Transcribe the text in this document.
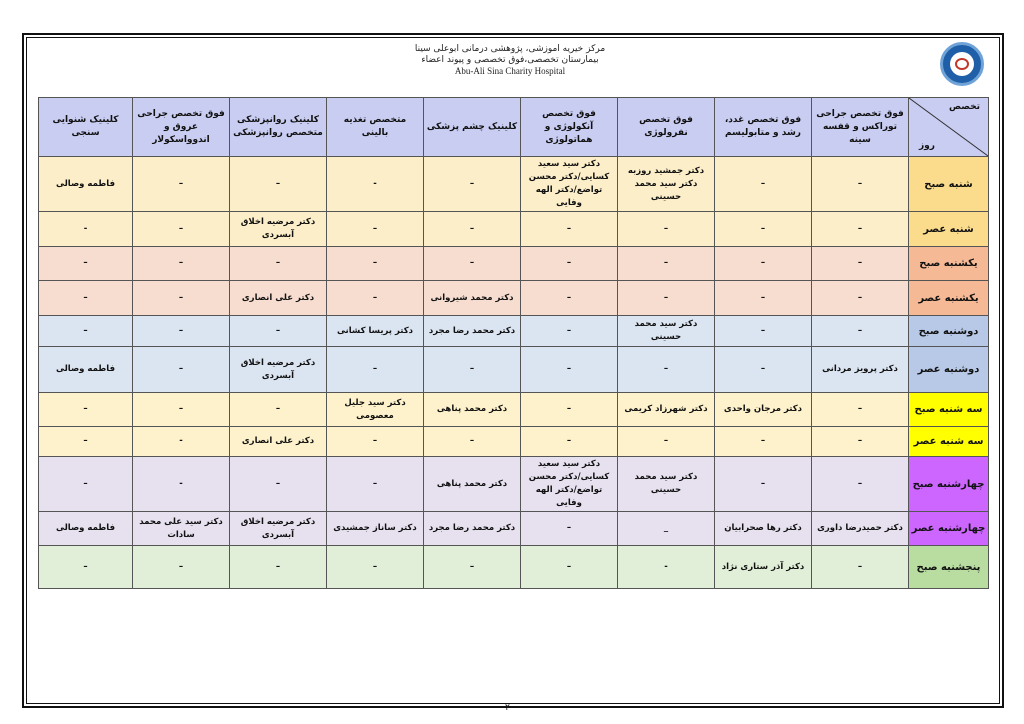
مرکز خیریه اموزشی، پژوهشی درمانی ابوعلی سینا
بیمارستان تخصصی،فوق تخصصی و پیوند اعضاء
Abu-Ali Sina Charity Hospital
تخصص
روز	فوق تخصص جراحی توراکس و قفسه سینه	فوق تخصص غدد، رشد و متابولیسم	فوق تخصص نفرولوژی	فوق تخصص آنکولوژی و هماتولوژی	کلینیک چشم پزشکی	متخصص تغذیه بالینی	کلینیک روانپزشکی متخصص روانپزشکی	فوق تخصص جراحی عروق و اندوواسکولار	کلینیک شنوایی سنجی
شنبه صبح	–	–	دکتر جمشید روزبه دکتر سید محمد حسینی	دکتر سید سعید کسایی/دکتر محسن تواضع/دکتر الهه وفایی	–	-	–	–	فاطمه وصالی
شنبه عصر	–	–	–	–	–	–	دکتر مرضیه اخلاق آبسردی	–	-
یکشنبه صبح	–	–	–	–	–	–	–	–	–
یکشنبه عصر	–	–	–	–	دکتر محمد شیروانی	–	دکتر علی انصاری	–	–
دوشنبه صبح	–	–	دکتر سید محمد حسینی	–	دکتر محمد رضا مجرد	دکتر پریسا کشانی	–	–	–
دوشنبه عصر	دکتر پرویز مردانی	–	–	–	–	–	دکتر مرضیه اخلاق آبسردی	–	فاطمه وصالی
سه شنبه صبح	–	دکتر مرجان واحدی	دکتر شهرزاد کریمی	–	دکتر محمد پناهی	دکتر سید جلیل معصومی	–	–	–
سه شنبه عصر	–	–	–	–	–	–	دکتر علی انصاری	-	–
چهارشنبه صبح	–	–	دکتر سید محمد حسینی	دکتر سید سعید کسایی/دکتر محسن تواضع/دکتر الهه وفایی	دکتر محمد پناهی	–	–	-	–
چهارشنبه عصر	دکتر حمیدرضا داوری	دکتر رها صحرابیان	_	–	دکتر محمد رضا مجرد	دکتر ساناز جمشیدی	دکتر مرضیه اخلاق آبسردی	دکتر سید علی محمد سادات	فاطمه وصالی
پنجشنبه صبح	–	دکتر آذر ستاری نژاد	-	–	–	–	–	–	–
۲
